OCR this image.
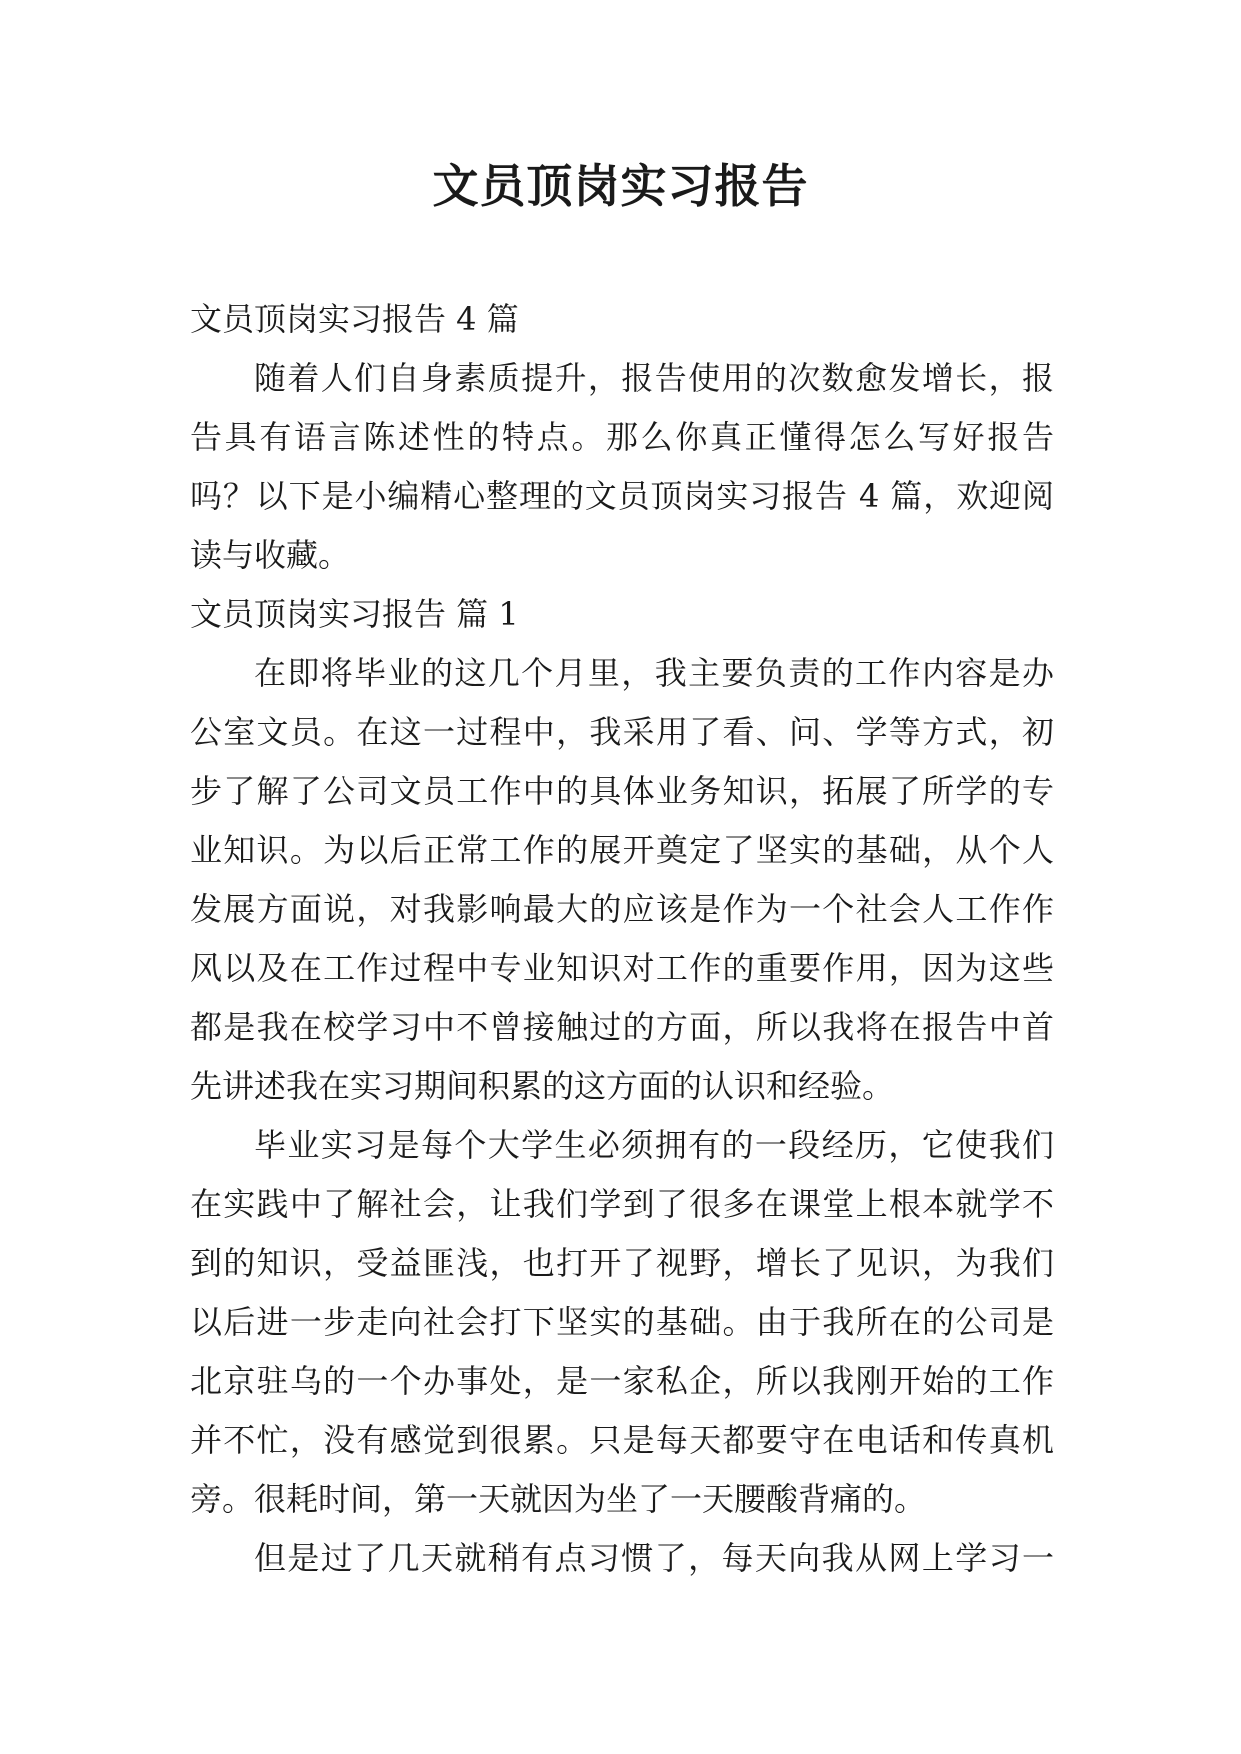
文员顶岗实习报告
文员顶岗实习报告 4 篇
随着人们自身素质提升，报告使用的次数愈发增长，报
告具有语言陈述性的特点。那么你真正懂得怎么写好报告
吗？以下是小编精心整理的文员顶岗实习报告 4 篇，欢迎阅
读与收藏。
文员顶岗实习报告 篇 1
在即将毕业的这几个月里，我主要负责的工作内容是办
公室文员。在这一过程中，我采用了看、问、学等方式，初
步了解了公司文员工作中的具体业务知识，拓展了所学的专
业知识。为以后正常工作的展开奠定了坚实的基础，从个人
发展方面说，对我影响最大的应该是作为一个社会人工作作
风以及在工作过程中专业知识对工作的重要作用，因为这些
都是我在校学习中不曾接触过的方面，所以我将在报告中首
先讲述我在实习期间积累的这方面的认识和经验。
毕业实习是每个大学生必须拥有的一段经历，它使我们
在实践中了解社会，让我们学到了很多在课堂上根本就学不
到的知识，受益匪浅，也打开了视野，增长了见识，为我们
以后进一步走向社会打下坚实的基础。由于我所在的公司是
北京驻乌的一个办事处，是一家私企，所以我刚开始的工作
并不忙，没有感觉到很累。只是每天都要守在电话和传真机
旁。很耗时间，第一天就因为坐了一天腰酸背痛的。
但是过了几天就稍有点习惯了，每天向我从网上学习一
